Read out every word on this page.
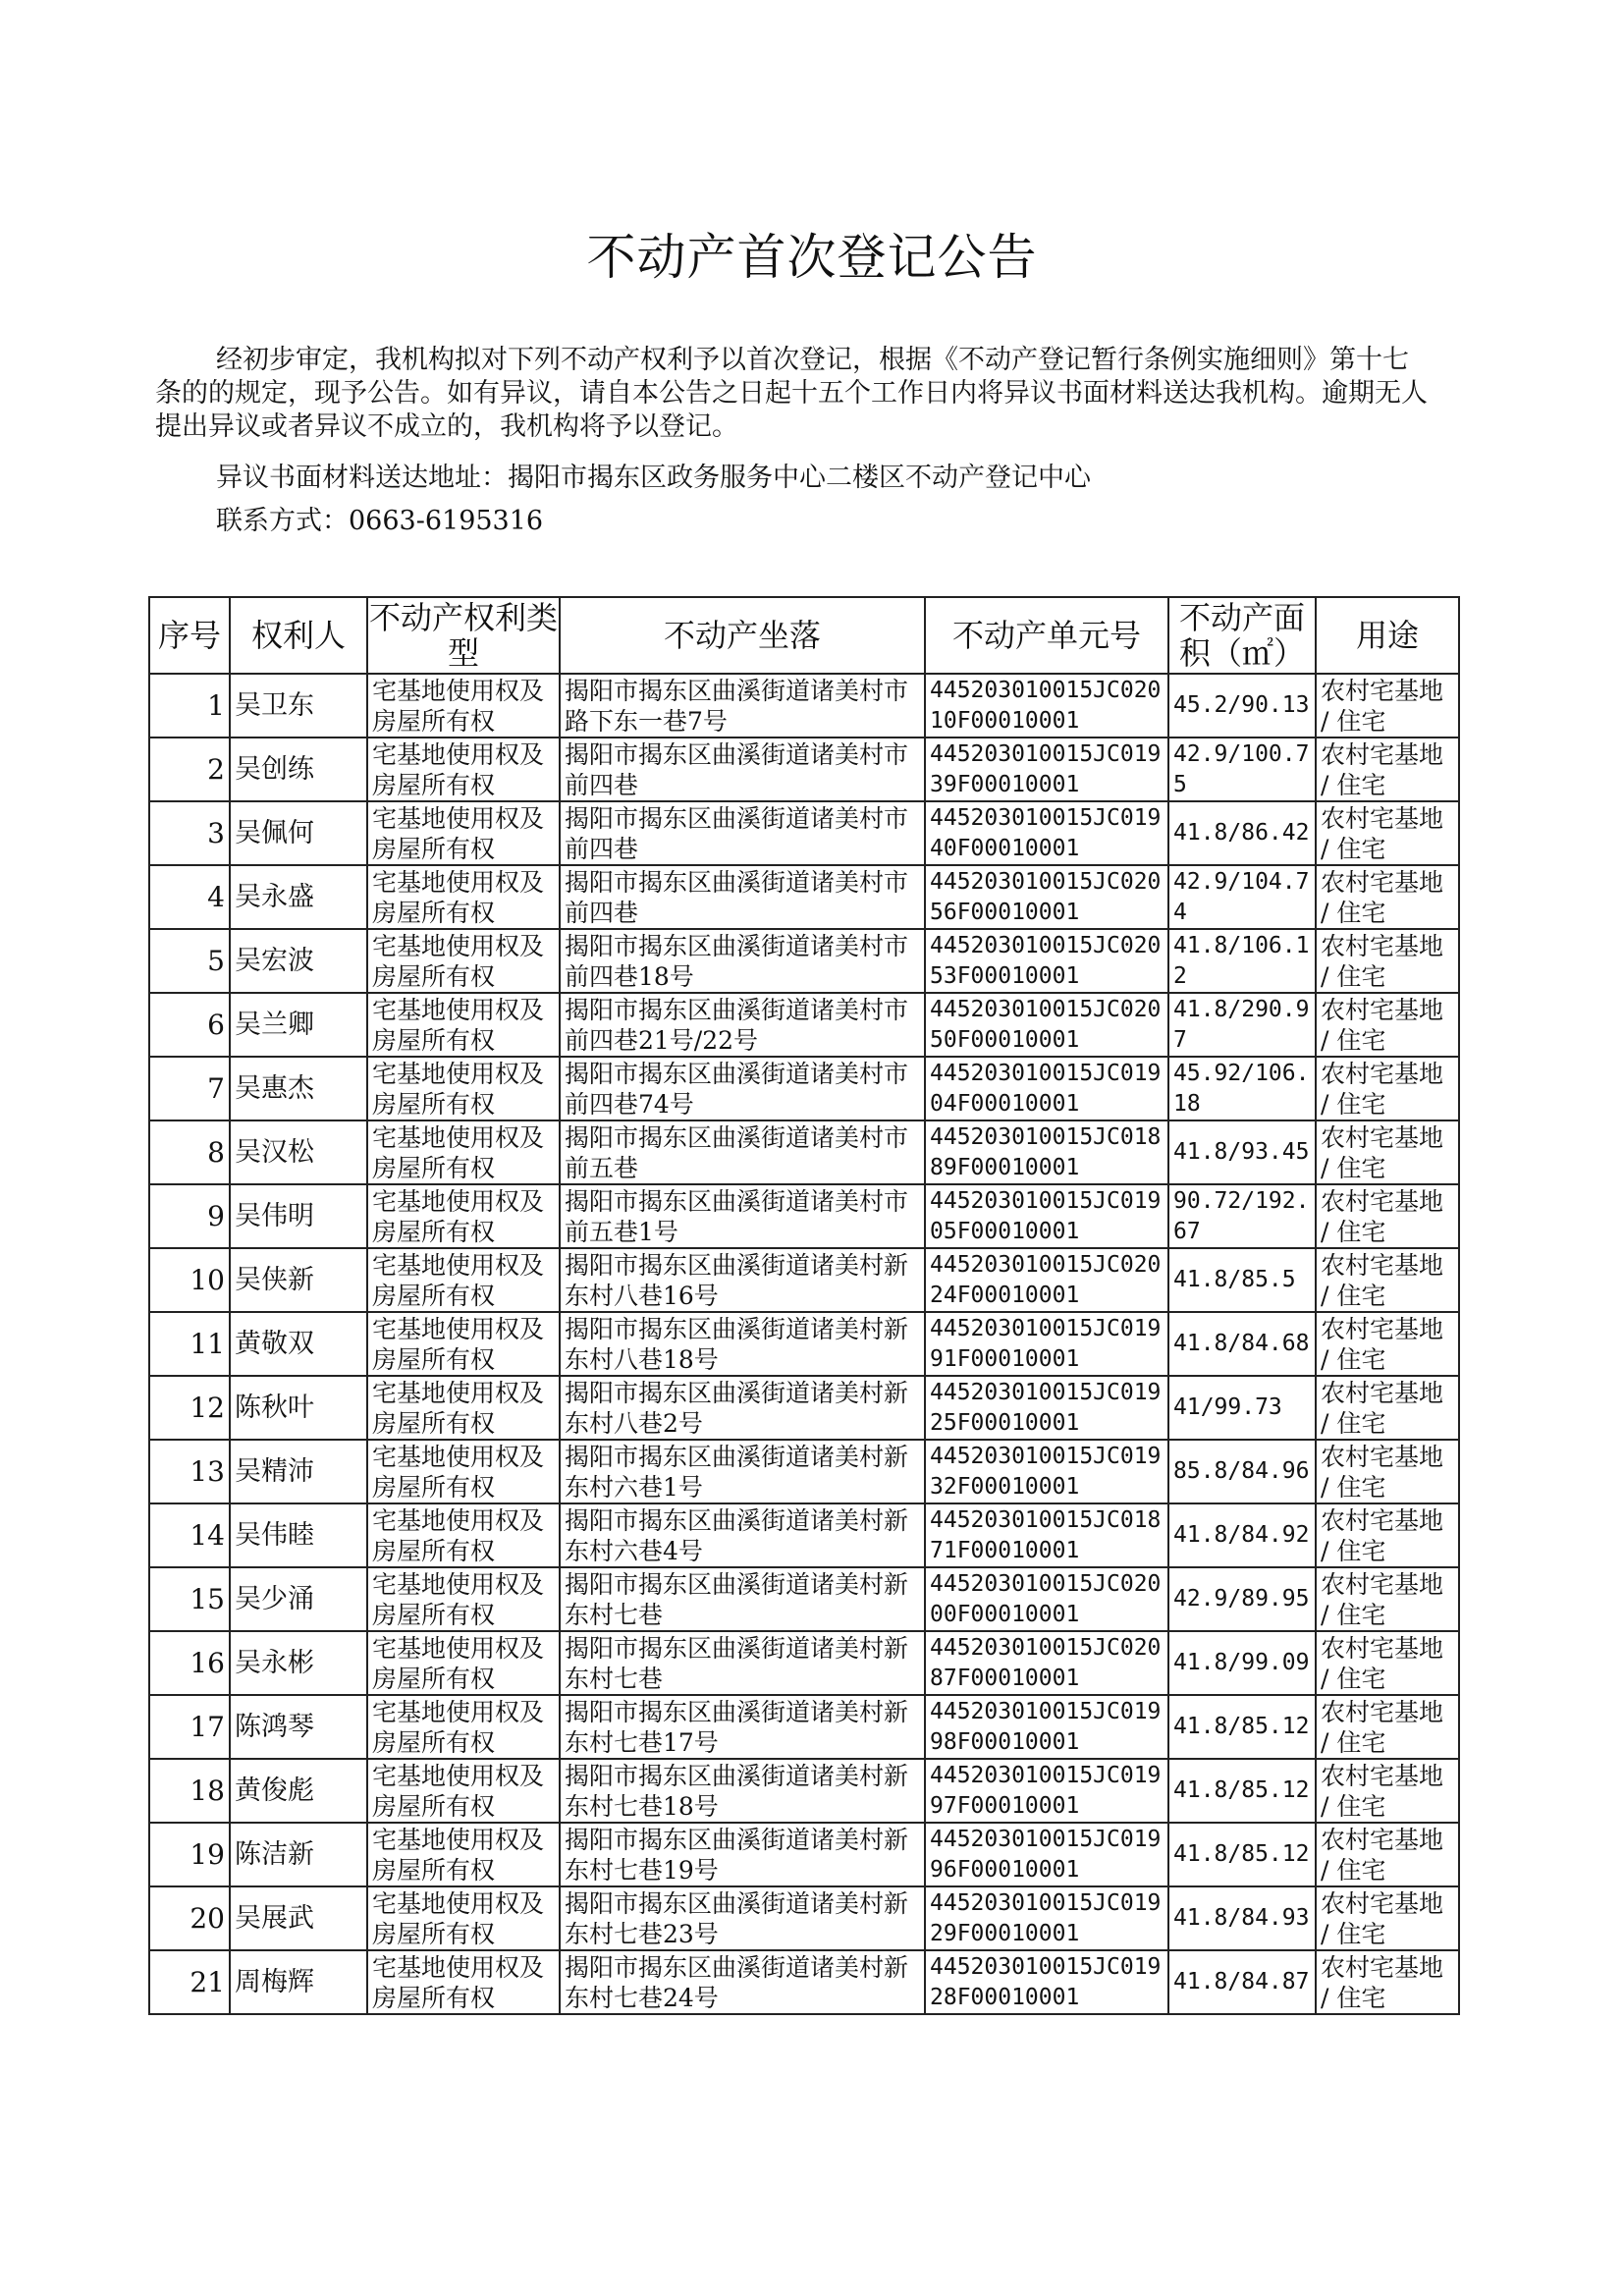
不动产首次登记公告

经初步审定，我机构拟对下列不动产权利予以首次登记，根据《不动产登记暂行条例实施细则》第十七条的的规定，现予公告。如有异议，请自本公告之日起十五个工作日内将异议书面材料送达我机构。逾期无人提出异议或者异议不成立的，我机构将予以登记。

异议书面材料送达地址：揭阳市揭东区政务服务中心二楼区不动产登记中心
联系方式：0663-6195316
序号	权利人	不动产权利类型	不动产坐落	不动产单元号	不动产面积（㎡）	用途
1	吴卫东	宅基地使用权及房屋所有权	揭阳市揭东区曲溪街道诸美村市路下东一巷7号	445203010015JC02010F00010001	45.2/90.13	农村宅基地 / 住宅
2	吴创练	宅基地使用权及房屋所有权	揭阳市揭东区曲溪街道诸美村市前四巷	445203010015JC01939F00010001	42.9/100.75	农村宅基地 / 住宅
3	吴佩何	宅基地使用权及房屋所有权	揭阳市揭东区曲溪街道诸美村市前四巷	445203010015JC01940F00010001	41.8/86.42	农村宅基地 / 住宅
4	吴永盛	宅基地使用权及房屋所有权	揭阳市揭东区曲溪街道诸美村市前四巷	445203010015JC02056F00010001	42.9/104.74	农村宅基地 / 住宅
5	吴宏波	宅基地使用权及房屋所有权	揭阳市揭东区曲溪街道诸美村市前四巷18号	445203010015JC02053F00010001	41.8/106.12	农村宅基地 / 住宅
6	吴兰卿	宅基地使用权及房屋所有权	揭阳市揭东区曲溪街道诸美村市前四巷21号/22号	445203010015JC02050F00010001	41.8/290.97	农村宅基地 / 住宅
7	吴惠杰	宅基地使用权及房屋所有权	揭阳市揭东区曲溪街道诸美村市前四巷74号	445203010015JC01904F00010001	45.92/106.18	农村宅基地 / 住宅
8	吴汉松	宅基地使用权及房屋所有权	揭阳市揭东区曲溪街道诸美村市前五巷	445203010015JC01889F00010001	41.8/93.45	农村宅基地 / 住宅
9	吴伟明	宅基地使用权及房屋所有权	揭阳市揭东区曲溪街道诸美村市前五巷1号	445203010015JC01905F00010001	90.72/192.67	农村宅基地 / 住宅
10	吴侠新	宅基地使用权及房屋所有权	揭阳市揭东区曲溪街道诸美村新东村八巷16号	445203010015JC02024F00010001	41.8/85.5	农村宅基地 / 住宅
11	黄敬双	宅基地使用权及房屋所有权	揭阳市揭东区曲溪街道诸美村新东村八巷18号	445203010015JC01991F00010001	41.8/84.68	农村宅基地 / 住宅
12	陈秋叶	宅基地使用权及房屋所有权	揭阳市揭东区曲溪街道诸美村新东村八巷2号	445203010015JC01925F00010001	41/99.73	农村宅基地 / 住宅
13	吴精沛	宅基地使用权及房屋所有权	揭阳市揭东区曲溪街道诸美村新东村六巷1号	445203010015JC01932F00010001	85.8/84.96	农村宅基地 / 住宅
14	吴伟睦	宅基地使用权及房屋所有权	揭阳市揭东区曲溪街道诸美村新东村六巷4号	445203010015JC01871F00010001	41.8/84.92	农村宅基地 / 住宅
15	吴少涌	宅基地使用权及房屋所有权	揭阳市揭东区曲溪街道诸美村新东村七巷	445203010015JC02000F00010001	42.9/89.95	农村宅基地 / 住宅
16	吴永彬	宅基地使用权及房屋所有权	揭阳市揭东区曲溪街道诸美村新东村七巷	445203010015JC02087F00010001	41.8/99.09	农村宅基地 / 住宅
17	陈鸿琴	宅基地使用权及房屋所有权	揭阳市揭东区曲溪街道诸美村新东村七巷17号	445203010015JC01998F00010001	41.8/85.12	农村宅基地 / 住宅
18	黄俊彪	宅基地使用权及房屋所有权	揭阳市揭东区曲溪街道诸美村新东村七巷18号	445203010015JC01997F00010001	41.8/85.12	农村宅基地 / 住宅
19	陈洁新	宅基地使用权及房屋所有权	揭阳市揭东区曲溪街道诸美村新东村七巷19号	445203010015JC01996F00010001	41.8/85.12	农村宅基地 / 住宅
20	吴展武	宅基地使用权及房屋所有权	揭阳市揭东区曲溪街道诸美村新东村七巷23号	445203010015JC01929F00010001	41.8/84.93	农村宅基地 / 住宅
21	周梅辉	宅基地使用权及房屋所有权	揭阳市揭东区曲溪街道诸美村新东村七巷24号	445203010015JC01928F00010001	41.8/84.87	农村宅基地 / 住宅
